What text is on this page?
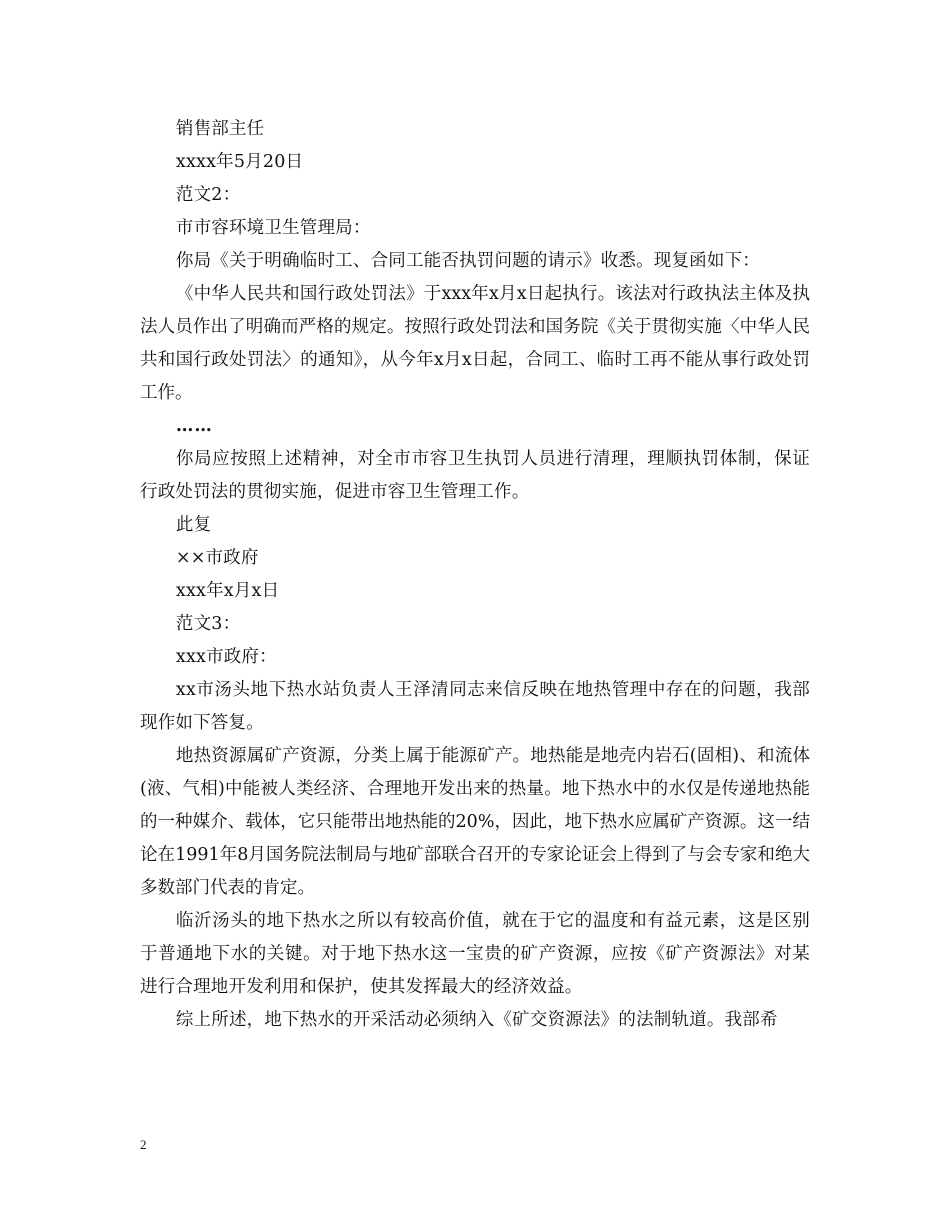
销售部主任

xxxx年5月20日

范文2：

市市容环境卫生管理局：

你局《关于明确临时工、合同工能否执罚问题的请示》收悉。现复函如下：

《中华人民共和国行政处罚法》于xxx年x月x日起执行。该法对行政执法主体及执法人员作出了明确而严格的规定。按照行政处罚法和国务院《关于贯彻实施〈中华人民共和国行政处罚法〉的通知》，从今年x月x日起，合同工、临时工再不能从事行政处罚工作。

……

你局应按照上述精神，对全市市容卫生执罚人员进行清理，理顺执罚体制，保证行政处罚法的贯彻实施，促进市容卫生管理工作。

此复

××市政府

xxx年x月x日

范文3：

xxx市政府：

xx市汤头地下热水站负责人王泽清同志来信反映在地热管理中存在的问题，我部现作如下答复。

地热资源属矿产资源，分类上属于能源矿产。地热能是地壳内岩石(固相)、和流体(液、气相)中能被人类经济、合理地开发出来的热量。地下热水中的水仅是传递地热能的一种媒介、载体，它只能带出地热能的20%，因此，地下热水应属矿产资源。这一结论在1991年8月国务院法制局与地矿部联合召开的专家论证会上得到了与会专家和绝大多数部门代表的肯定。

临沂汤头的地下热水之所以有较高价值，就在于它的温度和有益元素，这是区别于普通地下水的关键。对于地下热水这一宝贵的矿产资源，应按《矿产资源法》对某进行合理地开发利用和保护，使其发挥最大的经济效益。

综上所述，地下热水的开采活动必须纳入《矿交资源法》的法制轨道。我部希

2
